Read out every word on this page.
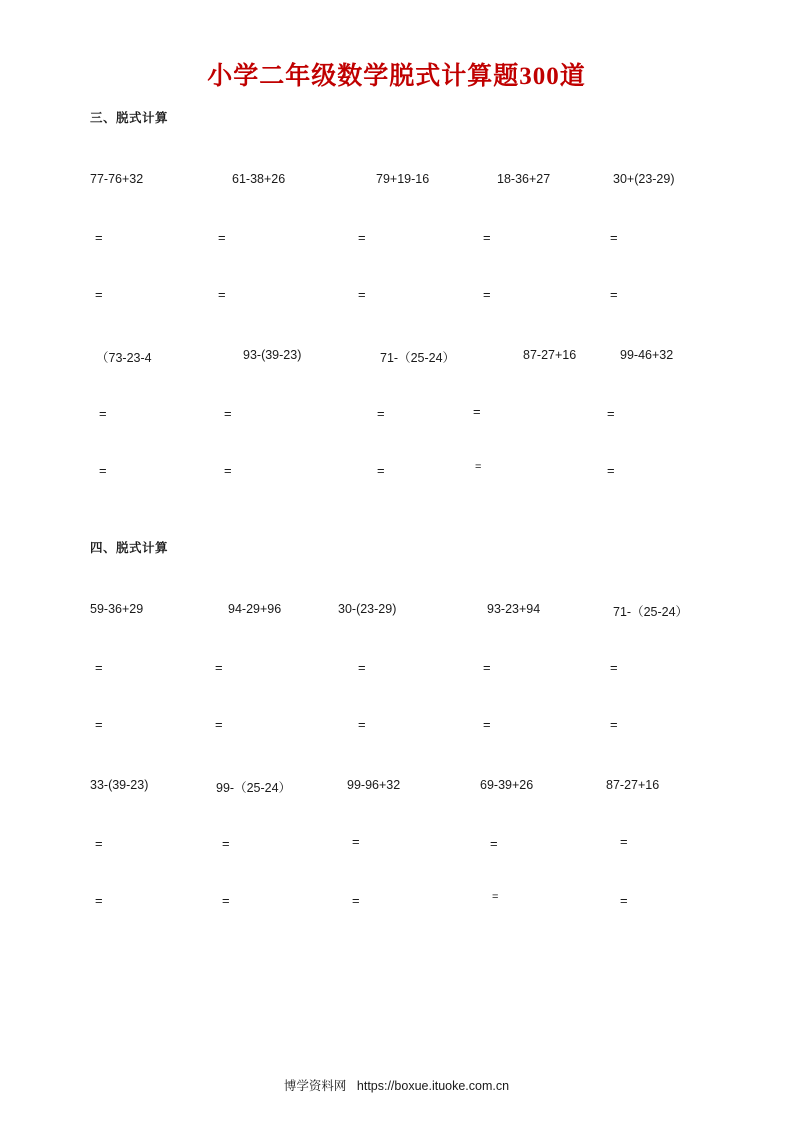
小学二年级数学脱式计算题300道
三、脱式计算
77-76+32	61-38+26	79+19-16	18-36+27	30+(23-29)
=	=	=	=	=
=	=	=	=	=
（73-23-4	93-(39-23)	71-（25-24）	87-27+16	99-46+32
=	=	=	=	=
=	=	=	=	=
四、脱式计算
59-36+29	94-29+96	30-(23-29)	93-23+94	71-（25-24）
=	=	=	=	=
=	=	=	=	=
33-(39-23)	99-（25-24）	99-96+32	69-39+26	87-27+16
=	=	=	=	=
=	=	=	=	=
博学资料网 https://boxue.ituoke.com.cn
